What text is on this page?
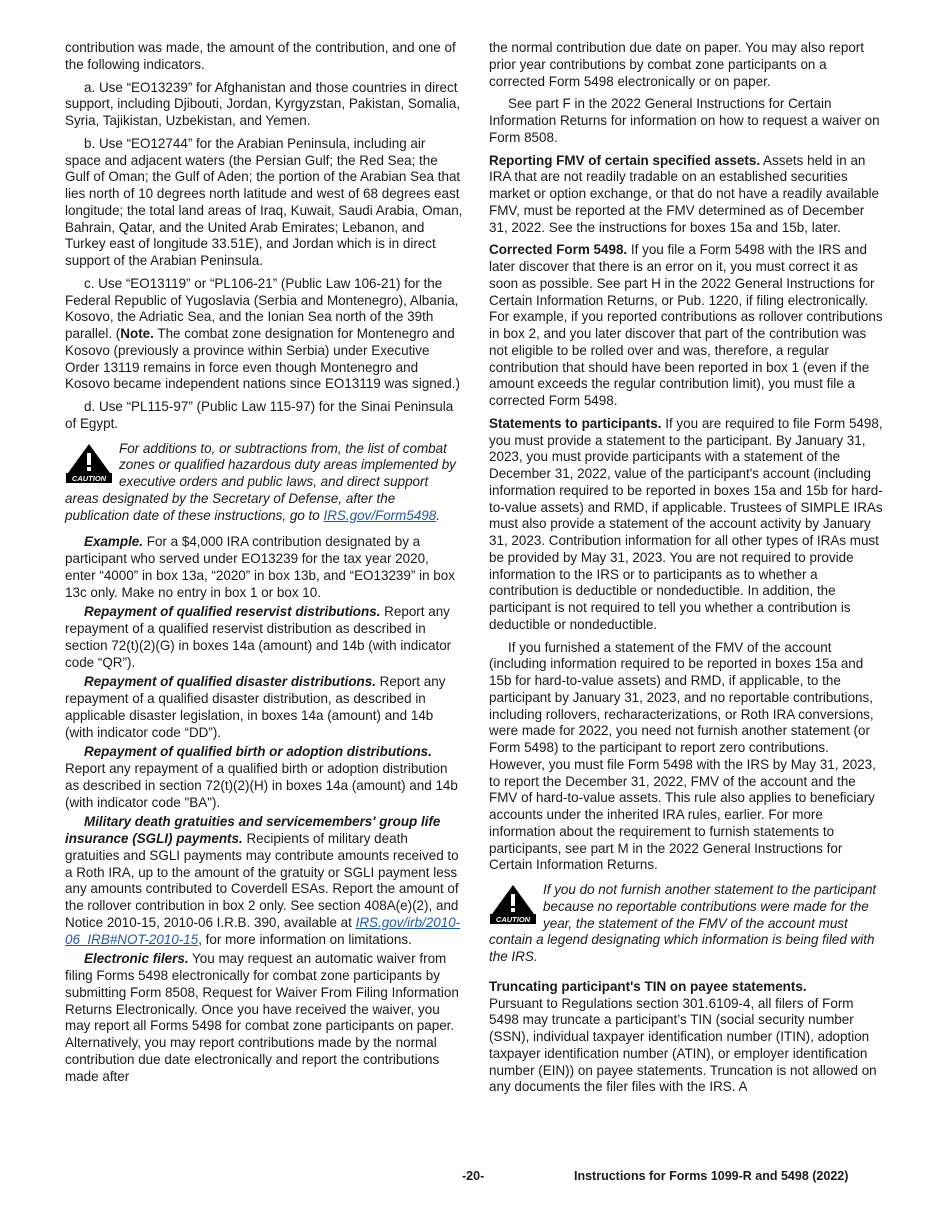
contribution was made, the amount of the contribution, and one of the following indicators.

a. Use “EO13239” for Afghanistan and those countries in direct support, including Djibouti, Jordan, Kyrgyzstan, Pakistan, Somalia, Syria, Tajikistan, Uzbekistan, and Yemen.

b. Use “EO12744” for the Arabian Peninsula, including air space and adjacent waters (the Persian Gulf; the Red Sea; the Gulf of Oman; the Gulf of Aden; the portion of the Arabian Sea that lies north of 10 degrees north latitude and west of 68 degrees east longitude; the total land areas of Iraq, Kuwait, Saudi Arabia, Oman, Bahrain, Qatar, and the United Arab Emirates; Lebanon, and Turkey east of longitude 33.51E), and Jordan which is in direct support of the Arabian Peninsula.

c. Use “EO13119” or “PL106-21” (Public Law 106-21) for the Federal Republic of Yugoslavia (Serbia and Montenegro), Albania, Kosovo, the Adriatic Sea, and the Ionian Sea north of the 39th parallel. (Note. The combat zone designation for Montenegro and Kosovo (previously a province within Serbia) under Executive Order 13119 remains in force even though Montenegro and Kosovo became independent nations since EO13119 was signed.)

d. Use “PL115-97” (Public Law 115-97) for the Sinai Peninsula of Egypt.

CAUTION
For additions to, or subtractions from, the list of combat zones or qualified hazardous duty areas implemented by executive orders and public laws, and direct support areas designated by the Secretary of Defense, after the publication date of these instructions, go to IRS.gov/Form5498.

Example. For a $4,000 IRA contribution designated by a participant who served under EO13239 for the tax year 2020, enter “4000” in box 13a, “2020” in box 13b, and “EO13239” in box 13c only. Make no entry in box 1 or box 10.

Repayment of qualified reservist distributions. Report any repayment of a qualified reservist distribution as described in section 72(t)(2)(G) in boxes 14a (amount) and 14b (with indicator code “QR”).

Repayment of qualified disaster distributions. Report any repayment of a qualified disaster distribution, as described in applicable disaster legislation, in boxes 14a (amount) and 14b (with indicator code “DD”).

Repayment of qualified birth or adoption distributions. Report any repayment of a qualified birth or adoption distribution as described in section 72(t)(2)(H) in boxes 14a (amount) and 14b (with indicator code "BA").

Military death gratuities and servicemembers' group life insurance (SGLI) payments. Recipients of military death gratuities and SGLI payments may contribute amounts received to a Roth IRA, up to the amount of the gratuity or SGLI payment less any amounts contributed to Coverdell ESAs. Report the amount of the rollover contribution in box 2 only. See section 408A(e)(2), and Notice 2010-15, 2010-06 I.R.B. 390, available at IRS.gov/irb/2010-06_IRB#NOT-2010-15, for more information on limitations.

Electronic filers. You may request an automatic waiver from filing Forms 5498 electronically for combat zone participants by submitting Form 8508, Request for Waiver From Filing Information Returns Electronically. Once you have received the waiver, you may report all Forms 5498 for combat zone participants on paper. Alternatively, you may report contributions made by the normal contribution due date electronically and report the contributions made after

the normal contribution due date on paper. You may also report prior year contributions by combat zone participants on a corrected Form 5498 electronically or on paper.

See part F in the 2022 General Instructions for Certain Information Returns for information on how to request a waiver on Form 8508.

Reporting FMV of certain specified assets. Assets held in an IRA that are not readily tradable on an established securities market or option exchange, or that do not have a readily available FMV, must be reported at the FMV determined as of December 31, 2022. See the instructions for boxes 15a and 15b, later.

Corrected Form 5498. If you file a Form 5498 with the IRS and later discover that there is an error on it, you must correct it as soon as possible. See part H in the 2022 General Instructions for Certain Information Returns, or Pub. 1220, if filing electronically. For example, if you reported contributions as rollover contributions in box 2, and you later discover that part of the contribution was not eligible to be rolled over and was, therefore, a regular contribution that should have been reported in box 1 (even if the amount exceeds the regular contribution limit), you must file a corrected Form 5498.

Statements to participants. If you are required to file Form 5498, you must provide a statement to the participant. By January 31, 2023, you must provide participants with a statement of the December 31, 2022, value of the participant's account (including information required to be reported in boxes 15a and 15b for hard-to-value assets) and RMD, if applicable. Trustees of SIMPLE IRAs must also provide a statement of the account activity by January 31, 2023. Contribution information for all other types of IRAs must be provided by May 31, 2023. You are not required to provide information to the IRS or to participants as to whether a contribution is deductible or nondeductible. In addition, the participant is not required to tell you whether a contribution is deductible or nondeductible.

If you furnished a statement of the FMV of the account (including information required to be reported in boxes 15a and 15b for hard-to-value assets) and RMD, if applicable, to the participant by January 31, 2023, and no reportable contributions, including rollovers, recharacterizations, or Roth IRA conversions, were made for 2022, you need not furnish another statement (or Form 5498) to the participant to report zero contributions. However, you must file Form 5498 with the IRS by May 31, 2023, to report the December 31, 2022, FMV of the account and the FMV of hard-to-value assets. This rule also applies to beneficiary accounts under the inherited IRA rules, earlier. For more information about the requirement to furnish statements to participants, see part M in the 2022 General Instructions for Certain Information Returns.

CAUTION
If you do not furnish another statement to the participant because no reportable contributions were made for the year, the statement of the FMV of the account must contain a legend designating which information is being filed with the IRS.

Truncating participant's TIN on payee statements.
Pursuant to Regulations section 301.6109-4, all filers of Form 5498 may truncate a participant’s TIN (social security number (SSN), individual taxpayer identification number (ITIN), adoption taxpayer identification number (ATIN), or employer identification number (EIN)) on payee statements. Truncation is not allowed on any documents the filer files with the IRS. A

-20-	Instructions for Forms 1099-R and 5498 (2022)
